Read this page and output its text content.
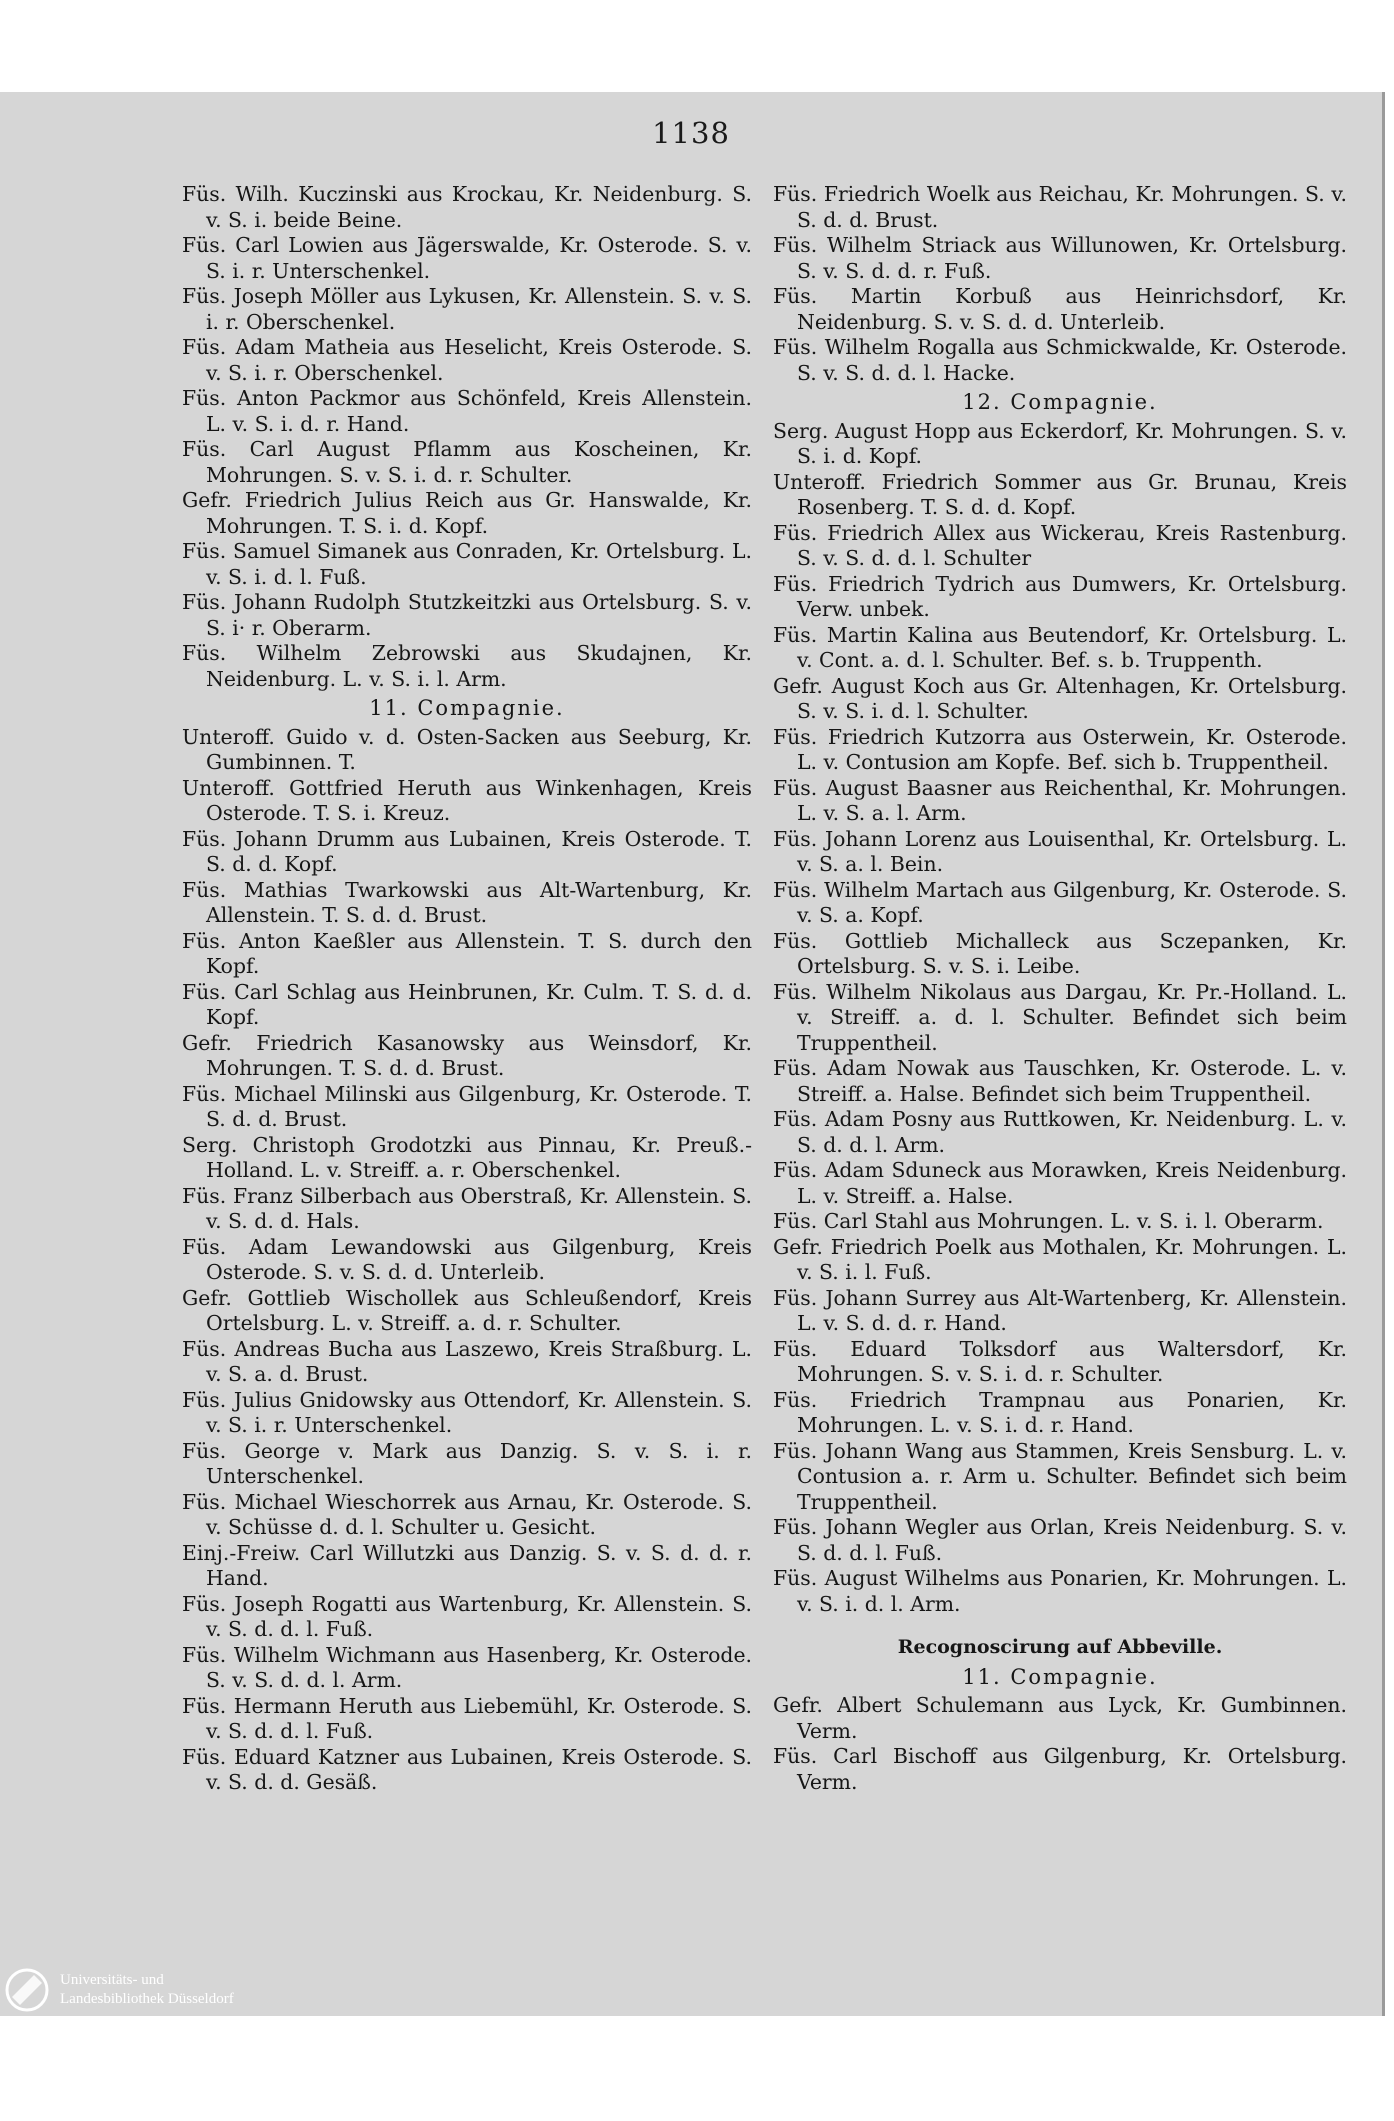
1138

Füs. Wilh. Kuczinski aus Krockau, Kr. Neidenburg. S. v. S. i. beide Beine.

Füs. Carl Lowien aus Jägerswalde, Kr. Osterode. S. v. S. i. r. Unterschenkel.

Füs. Joseph Möller aus Lykusen, Kr. Allenstein. S. v. S. i. r. Oberschenkel.

Füs. Adam Matheia aus Heselicht, Kreis Osterode. S. v. S. i. r. Oberschenkel.

Füs. Anton Packmor aus Schönfeld, Kreis Allenstein. L. v. S. i. d. r. Hand.

Füs. Carl August Pflamm aus Koscheinen, Kr. Mohrungen. S. v. S. i. d. r. Schulter.

Gefr. Friedrich Julius Reich aus Gr. Hanswalde, Kr. Mohrungen. T. S. i. d. Kopf.

Füs. Samuel Simanek aus Conraden, Kr. Ortelsburg. L. v. S. i. d. l. Fuß.

Füs. Johann Rudolph Stutzkeitzki aus Ortelsburg. S. v. S. i· r. Oberarm.

Füs. Wilhelm Zebrowski aus Skudajnen, Kr. Neidenburg. L. v. S. i. l. Arm.

11. Compagnie.

Unteroff. Guido v. d. Osten-Sacken aus Seeburg, Kr. Gumbinnen. T.

Unteroff. Gottfried Heruth aus Winkenhagen, Kreis Osterode. T. S. i. Kreuz.

Füs. Johann Drumm aus Lubainen, Kreis Osterode. T. S. d. d. Kopf.

Füs. Mathias Twarkowski aus Alt-Wartenburg, Kr. Allenstein. T. S. d. d. Brust.

Füs. Anton Kaeßler aus Allenstein. T. S. durch den Kopf.

Füs. Carl Schlag aus Heinbrunen, Kr. Culm. T. S. d. d. Kopf.

Gefr. Friedrich Kasanowsky aus Weinsdorf, Kr. Mohrungen. T. S. d. d. Brust.

Füs. Michael Milinski aus Gilgenburg, Kr. Osterode. T. S. d. d. Brust.

Serg. Christoph Grodotzki aus Pinnau, Kr. Preuß.-Holland. L. v. Streiff. a. r. Oberschenkel.

Füs. Franz Silberbach aus Oberstraß, Kr. Allenstein. S. v. S. d. d. Hals.

Füs. Adam Lewandowski aus Gilgenburg, Kreis Osterode. S. v. S. d. d. Unterleib.

Gefr. Gottlieb Wischollek aus Schleußendorf, Kreis Ortelsburg. L. v. Streiff. a. d. r. Schulter.

Füs. Andreas Bucha aus Laszewo, Kreis Straßburg. L. v. S. a. d. Brust.

Füs. Julius Gnidowsky aus Ottendorf, Kr. Allenstein. S. v. S. i. r. Unterschenkel.

Füs. George v. Mark aus Danzig. S. v. S. i. r. Unterschenkel.

Füs. Michael Wieschorrek aus Arnau, Kr. Osterode. S. v. Schüsse d. d. l. Schulter u. Gesicht.

Einj.-Freiw. Carl Willutzki aus Danzig. S. v. S. d. d. r. Hand.

Füs. Joseph Rogatti aus Wartenburg, Kr. Allenstein. S. v. S. d. d. l. Fuß.

Füs. Wilhelm Wichmann aus Hasenberg, Kr. Osterode. S. v. S. d. d. l. Arm.

Füs. Hermann Heruth aus Liebemühl, Kr. Osterode. S. v. S. d. d. l. Fuß.

Füs. Eduard Katzner aus Lubainen, Kreis Osterode. S. v. S. d. d. Gesäß.

Füs. Friedrich Woelk aus Reichau, Kr. Mohrungen. S. v. S. d. d. Brust.

Füs. Wilhelm Striack aus Willunowen, Kr. Ortelsburg. S. v. S. d. d. r. Fuß.

Füs. Martin Korbuß aus Heinrichsdorf, Kr. Neidenburg. S. v. S. d. d. Unterleib.

Füs. Wilhelm Rogalla aus Schmickwalde, Kr. Osterode. S. v. S. d. d. l. Hacke.

12. Compagnie.

Serg. August Hopp aus Eckerdorf, Kr. Mohrungen. S. v. S. i. d. Kopf.

Unteroff. Friedrich Sommer aus Gr. Brunau, Kreis Rosenberg. T. S. d. d. Kopf.

Füs. Friedrich Allex aus Wickerau, Kreis Rastenburg. S. v. S. d. d. l. Schulter

Füs. Friedrich Tydrich aus Dumwers, Kr. Ortelsburg. Verw. unbek.

Füs. Martin Kalina aus Beutendorf, Kr. Ortelsburg. L. v. Cont. a. d. l. Schulter. Bef. s. b. Truppenth.

Gefr. August Koch aus Gr. Altenhagen, Kr. Ortelsburg. S. v. S. i. d. l. Schulter.

Füs. Friedrich Kutzorra aus Osterwein, Kr. Osterode. L. v. Contusion am Kopfe. Bef. sich b. Truppentheil.

Füs. August Baasner aus Reichenthal, Kr. Mohrungen. L. v. S. a. l. Arm.

Füs. Johann Lorenz aus Louisenthal, Kr. Ortelsburg. L. v. S. a. l. Bein.

Füs. Wilhelm Martach aus Gilgenburg, Kr. Osterode. S. v. S. a. Kopf.

Füs. Gottlieb Michalleck aus Sczepanken, Kr. Ortelsburg. S. v. S. i. Leibe.

Füs. Wilhelm Nikolaus aus Dargau, Kr. Pr.-Holland. L. v. Streiff. a. d. l. Schulter. Befindet sich beim Truppentheil.

Füs. Adam Nowak aus Tauschken, Kr. Osterode. L. v. Streiff. a. Halse. Befindet sich beim Truppentheil.

Füs. Adam Posny aus Ruttkowen, Kr. Neidenburg. L. v. S. d. d. l. Arm.

Füs. Adam Sduneck aus Morawken, Kreis Neidenburg. L. v. Streiff. a. Halse.

Füs. Carl Stahl aus Mohrungen. L. v. S. i. l. Oberarm.

Gefr. Friedrich Poelk aus Mothalen, Kr. Mohrungen. L. v. S. i. l. Fuß.

Füs. Johann Surrey aus Alt-Wartenberg, Kr. Allenstein. L. v. S. d. d. r. Hand.

Füs. Eduard Tolksdorf aus Waltersdorf, Kr. Mohrungen. S. v. S. i. d. r. Schulter.

Füs. Friedrich Trampnau aus Ponarien, Kr. Mohrungen. L. v. S. i. d. r. Hand.

Füs. Johann Wang aus Stammen, Kreis Sensburg. L. v. Contusion a. r. Arm u. Schulter. Befindet sich beim Truppentheil.

Füs. Johann Wegler aus Orlan, Kreis Neidenburg. S. v. S. d. d. l. Fuß.

Füs. August Wilhelms aus Ponarien, Kr. Mohrungen. L. v. S. i. d. l. Arm.

Recognoscirung auf Abbeville.

11. Compagnie.

Gefr. Albert Schulemann aus Lyck, Kr. Gumbinnen. Verm.

Füs. Carl Bischoff aus Gilgenburg, Kr. Ortelsburg. Verm.

Universitäts- und
Landesbibliothek Düsseldorf
